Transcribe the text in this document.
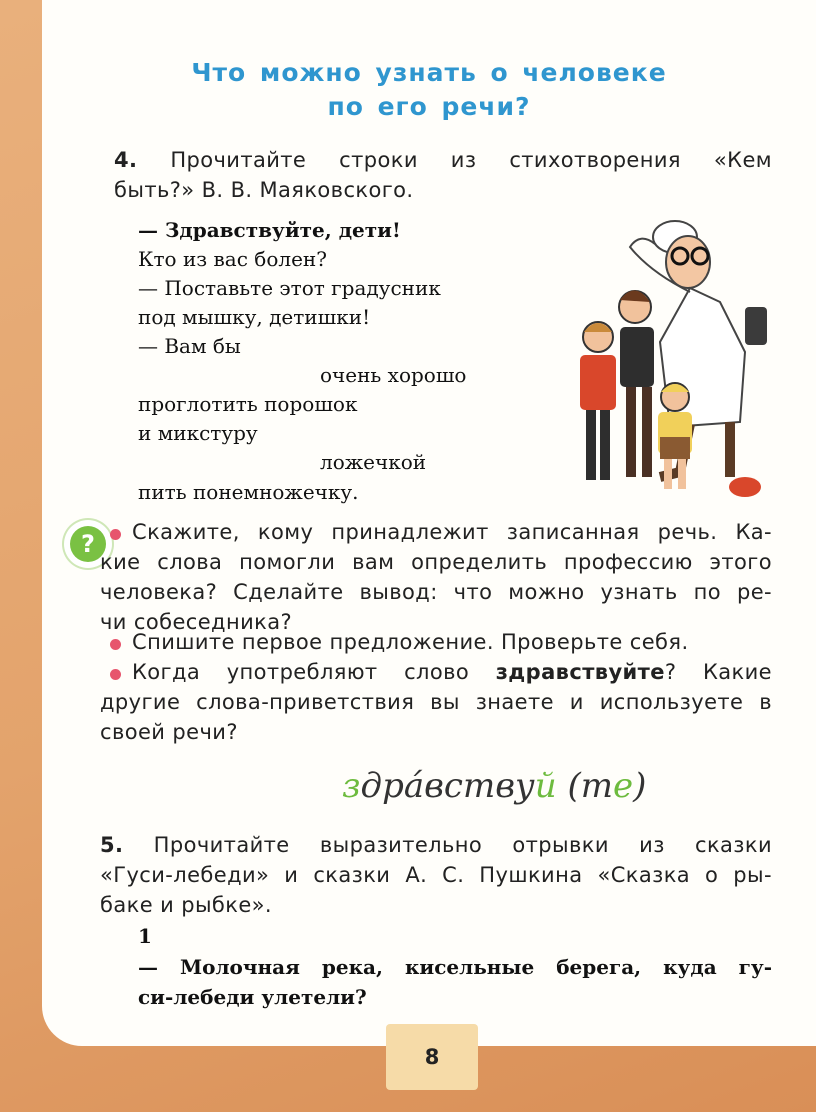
Что можно узнать о человеке
по его речи?
4. Прочитайте строки из стихотворения «Кем
быть?» В. В. Маяковского.
— Здравствуйте, дети!
Кто из вас болен?
— Поставьте этот градусник
под мышку, детишки!
— Вам бы
очень хорошо
проглотить порошок
и микстуру
ложечкой
пить понемножечку.
?	Скажите, кому принадлежит записанная речь. Ка-
кие слова помогли вам определить профессию этого
человека? Сделайте вывод: что можно узнать по ре-
чи собеседника?
Спишите первое предложение. Проверьте себя.
Когда употребляют слово здравствуйте? Какие
другие слова-приветствия вы знаете и используете в
своей речи?
здра́вствуй (те)
5. Прочитайте выразительно отрывки из сказки
«Гуси-лебеди» и сказки А. С. Пушкина «Сказка о ры-
баке и рыбке».
1
— Молочная река, кисельные берега, куда гу-
си-лебеди улетели?
8
